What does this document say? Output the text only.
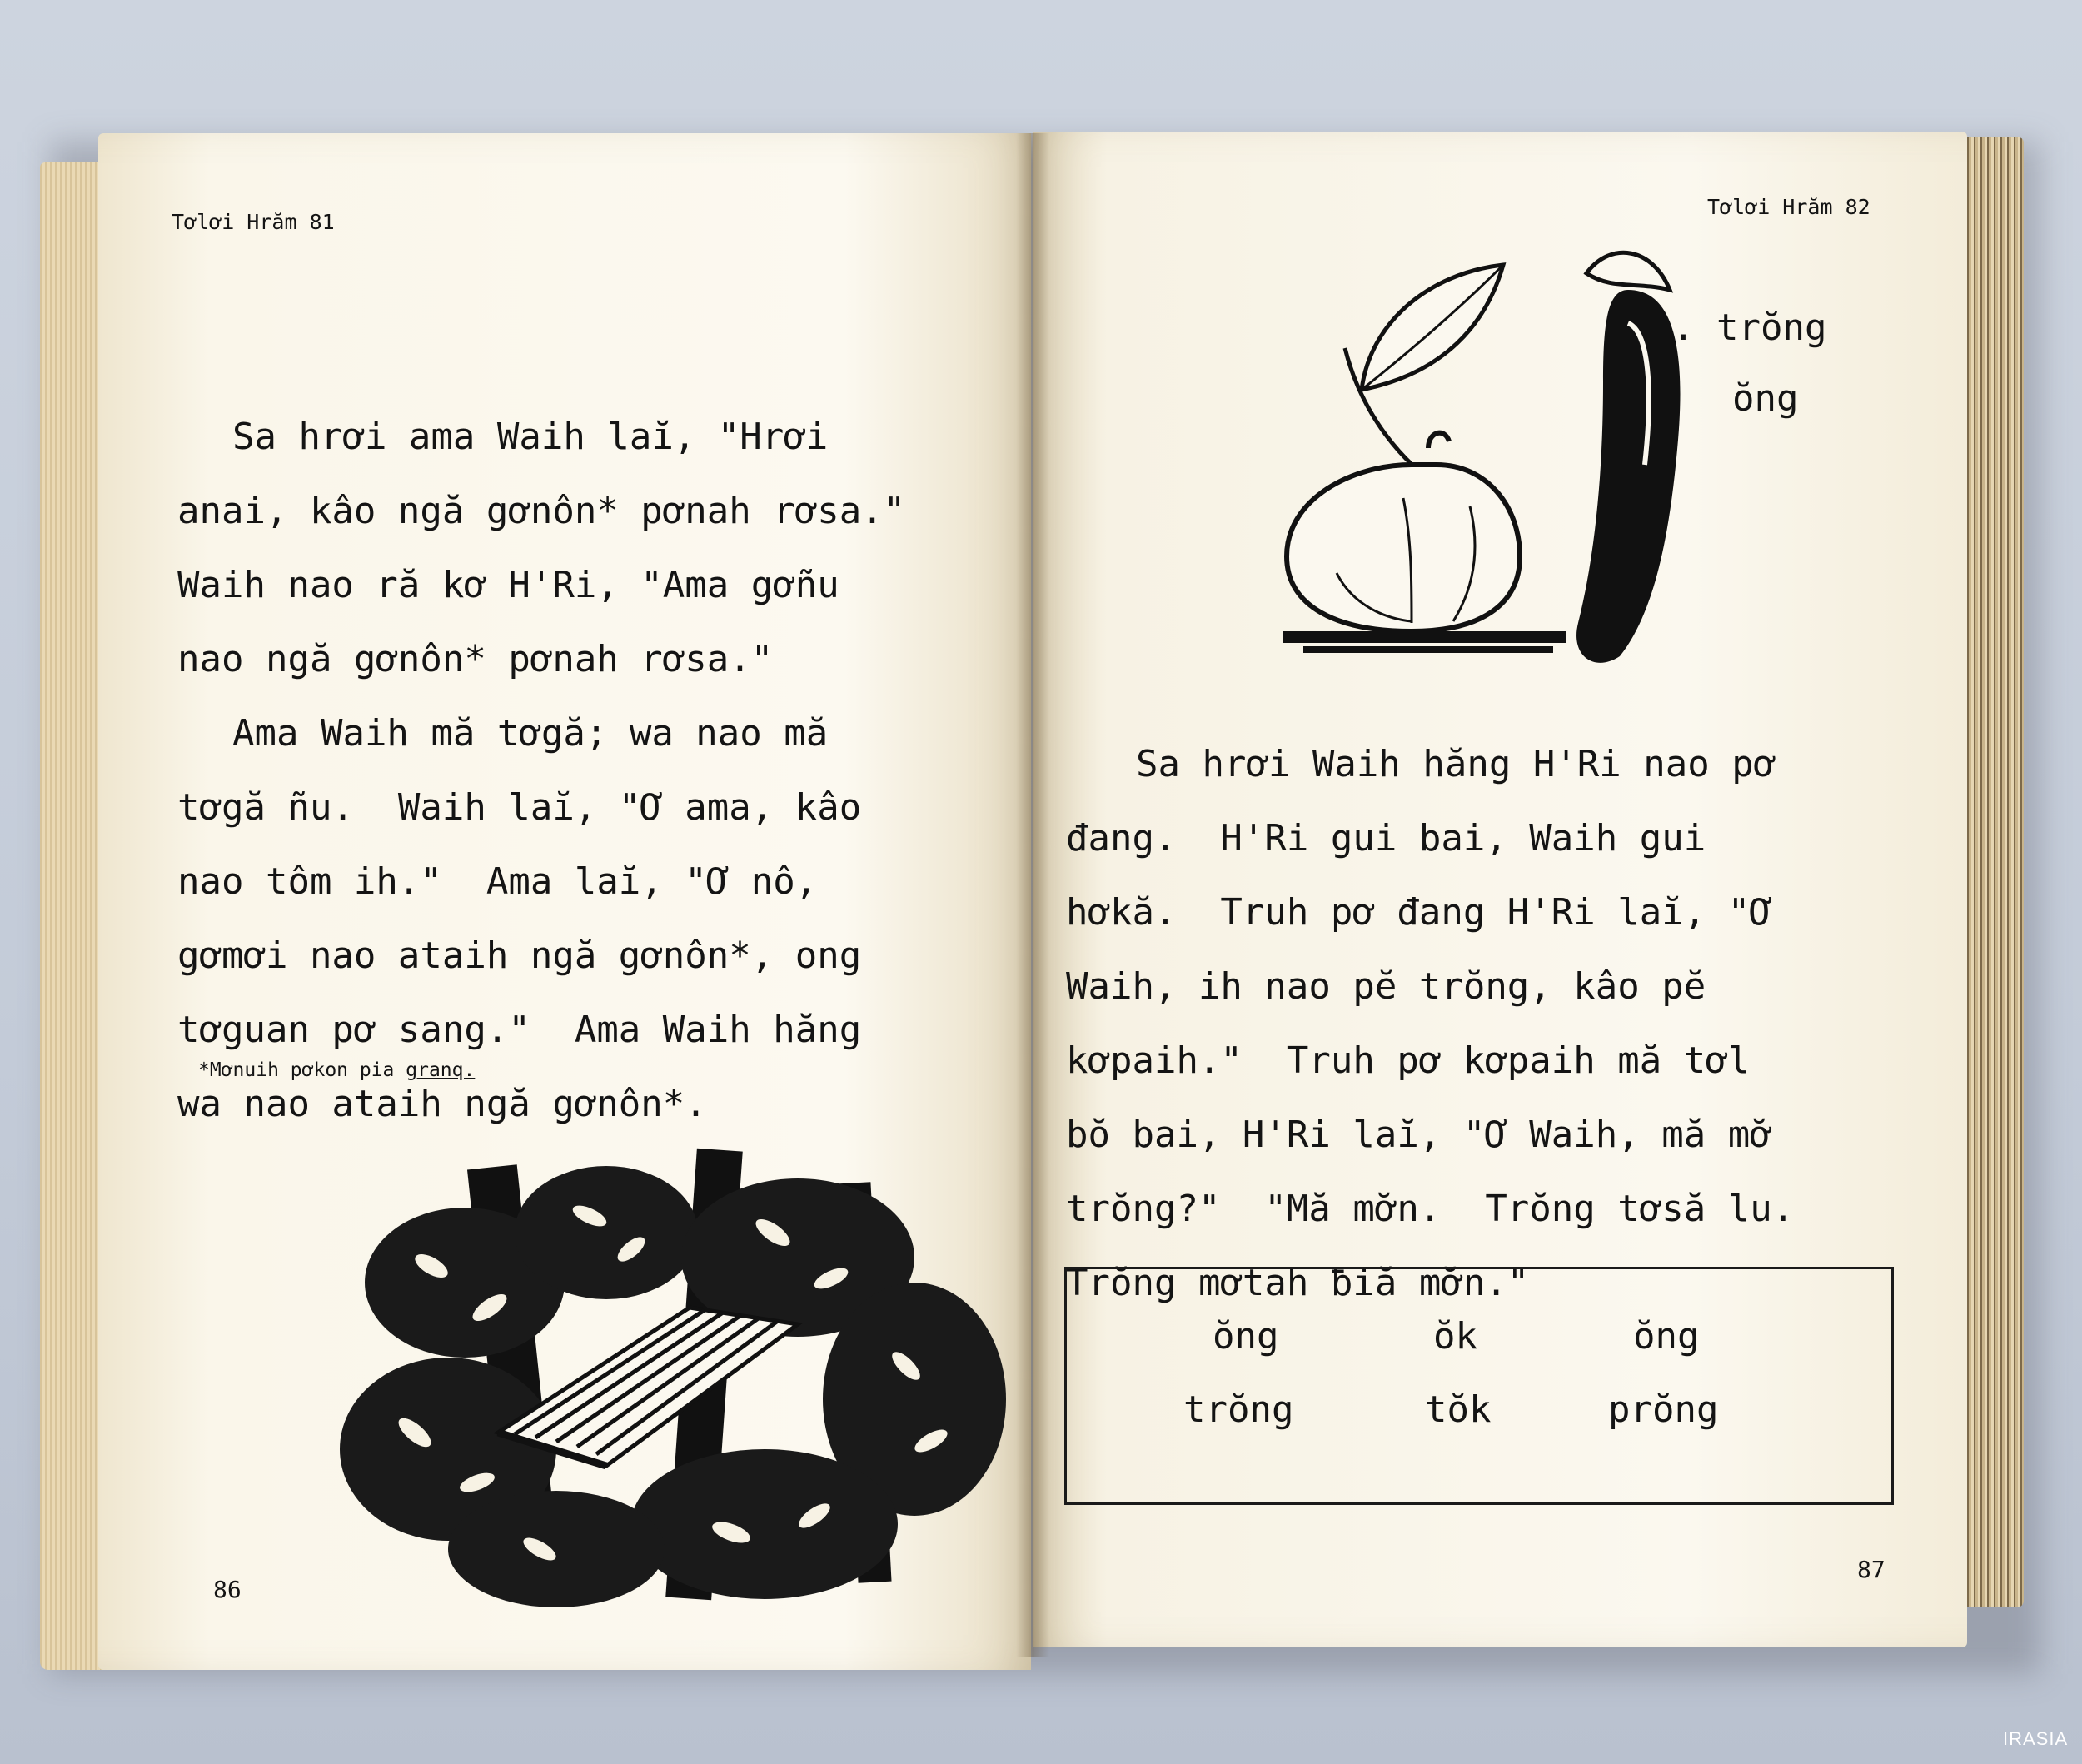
Tơlơi Hrăm 81
Sa hrơi ama Waih laĭ, "Hrơi
anai, kâo ngă gơnôn* pơnah rơsa."
Waih nao ră kơ H'Ri, "Ama gơñu
nao ngă gơnôn* pơnah rơsa."
Ama Waih mă tơgă; wa nao mă
tơgă ñu.  Waih laĭ, "Ơ ama, kâo
nao tôm ih."  Ama laĭ, "Ơ nô,
gơmơi nao ataih ngă gơnôn*, ong
tơguan pơ sang."  Ama Waih hăng
wa nao ataih ngă gơnôn*.
*Mơnuih pơkon pia granq.
86
Tơlơi Hrăm 82
. trŏng
ŏng
Sa hrơi Waih hăng H'Ri nao pơ
đang.  H'Ri gui bai, Waih gui
hơkă.  Truh pơ đang H'Ri laĭ, "Ơ
Waih, ih nao pĕ trŏng, kâo pĕ
kơpaih."  Truh pơ kơpaih mă tơl
bŏ bai, H'Ri laĭ, "Ơ Waih, mă mơ̆
trŏng?"  "Mă mơ̆n.  Trŏng tơsă lu.
Trŏng mơtah ƀiă mơ̆n."
ŏng	ŏk	ŏng
trŏng	tŏk	prŏng
87
IRASIA
